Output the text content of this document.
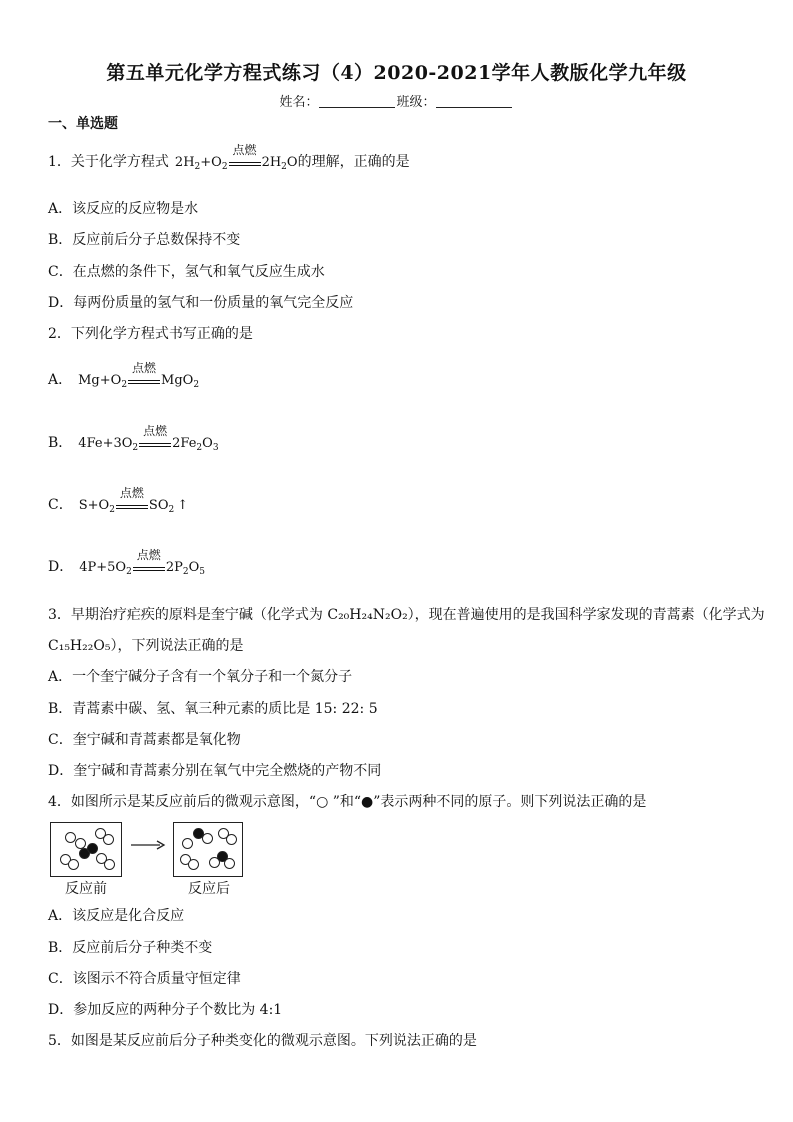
第五单元化学方程式练习（4）2020-2021学年人教版化学九年级
姓名：	班级：
一、单选题
1．关于化学方程式 $2H_2+O_2$
点燃
$2H_2O$的理解，正确的是
A．该反应的反应物是水
B．反应前后分子总数保持不变
C．在点燃的条件下，氢气和氧气反应生成水
D．每两份质量的氢气和一份质量的氧气完全反应
2．下列化学方程式书写正确的是
A． $Mg+O_2$
点燃
MgO$_2$
B． $4Fe+3O_2$
点燃
$2Fe_2O_3$
C． $S+O_2$
点燃
$SO_2$ ↑
D． $4P+5O_2$
点燃
$2P_2O_5$
3．早期治疗疟疾的原料是奎宁碱（化学式为 C₂₀H₂₄N₂O₂），现在普遍使用的是我国科学家发现的青蒿素（化学式为
C₁₅H₂₂O₅），下列说法正确的是
A．一个奎宁碱分子含有一个氧分子和一个氮分子
B．青蒿素中碳、氢、氧三种元素的质比是 15: 22: 5
C．奎宁碱和青蒿素都是氧化物
D．奎宁碱和青蒿素分别在氧气中完全燃烧的产物不同
4．如图所示是某反应前后的微观示意图，“○ ”和“●”表示两种不同的原子。则下列说法正确的是
反应前	反应后
A．该反应是化合反应
B．反应前后分子种类不变
C．该图示不符合质量守恒定律
D．参加反应的两种分子个数比为 4:1
5．如图是某反应前后分子种类变化的微观示意图。下列说法正确的是
